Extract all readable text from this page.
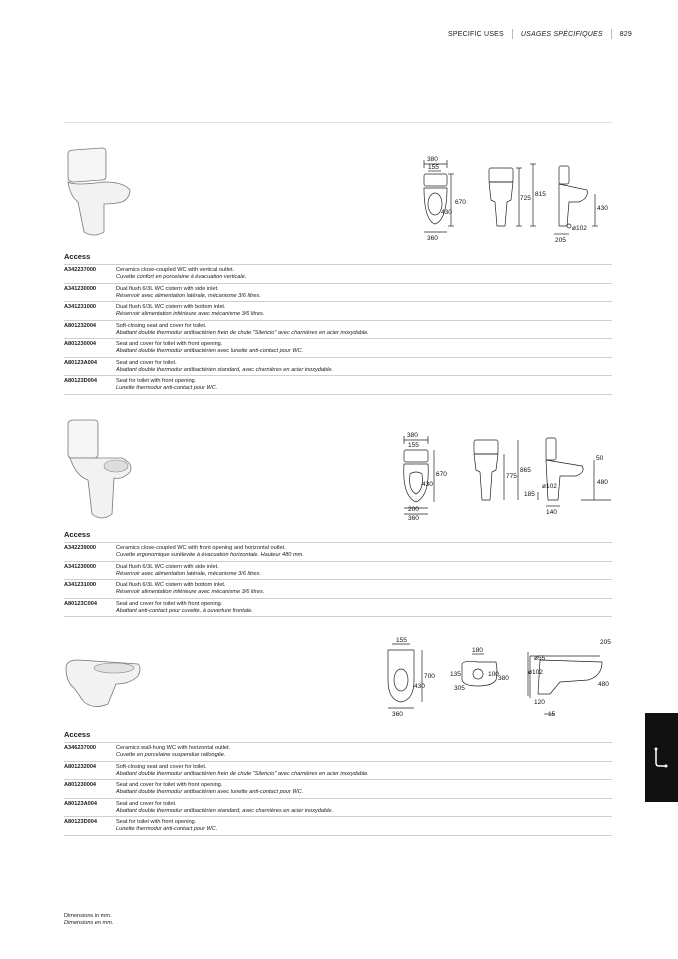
SPECIFIC USES USAGES SPÉCIFIQUES 829
380
155
670
430
360
725
815
430
205
ø102
Access
A342237000	Ceramics close-coupled WC with vertical outlet.
Cuvette confort en porcelaine à évacuation verticale.

A341230000	Dual flush 6/3L WC cistern with side inlet.
Réservoir avec alimentation latérale, mécanisme 3/6 litres.

A341231000	Dual flush 6/3L WC cistern with bottom inlet.
Réservoir alimentation inférieure avec mécanisme 3/6 litres.

A801232004	Soft-closing seat and cover for toilet.
Abattant double thermodur antibactérien frein de chute "Silencio" avec charnières en acier inoxydable.

A801230004	Seat and cover for toilet with front opening.
Abattant double thermodur antibactérien avec lunette anti-contact pour WC.

A80123A004	Seat and cover for toilet.
Abattant double thermodur antibactérien standard, avec charnières en acier inoxydable.

A80123D004	Seat for toilet with front opening.
Lunette thermodur anti-contact pour WC.
380
155
670
430
200
360
775
865
50
480
ø102
185
140
Access
A342239000	Ceramics close-coupled WC with front opening and horizontal outlet.
Cuvette ergonomique surélevée à évacuation horizontale. Hauteur 480 mm.

A341230000	Dual flush 6/3L WC cistern with side inlet.
Réservoir avec alimentation latérale, mécanisme 3/6 litres.

A341231000	Dual flush 6/3L WC cistern with bottom inlet.
Réservoir alimentation inférieure avec mécanisme 3/6 litres.

A80123C004	Seat and cover for toilet with front opening.
Abattant anti-contact pour cuvette, à ouverture frontale.
155
700
430
360
180
135	100
380
305
205
ø55
ø102
480
120
15
Access
A346237000	Ceramics wall-hung WC with horizontal outlet.
Cuvette en porcelaine suspendue rallongée.

A801232004	Soft-closing seat and cover for toilet.
Abattant double thermodur antibactérien frein de chute "Silencio" avec charnières en acier inoxydable.

A801230004	Seat and cover for toilet with front opening.
Abattant double thermodur antibactérien avec lunette anti-contact pour WC.

A80123A004	Seat and cover for toilet.
Abattant double thermodur antibactérien standard, avec charnières en acier inoxydable.

A80123D004	Seat for toilet with front opening.
Lunette thermodur anti-contact pour WC.
Dimensions in mm.
Dimensions en mm.
